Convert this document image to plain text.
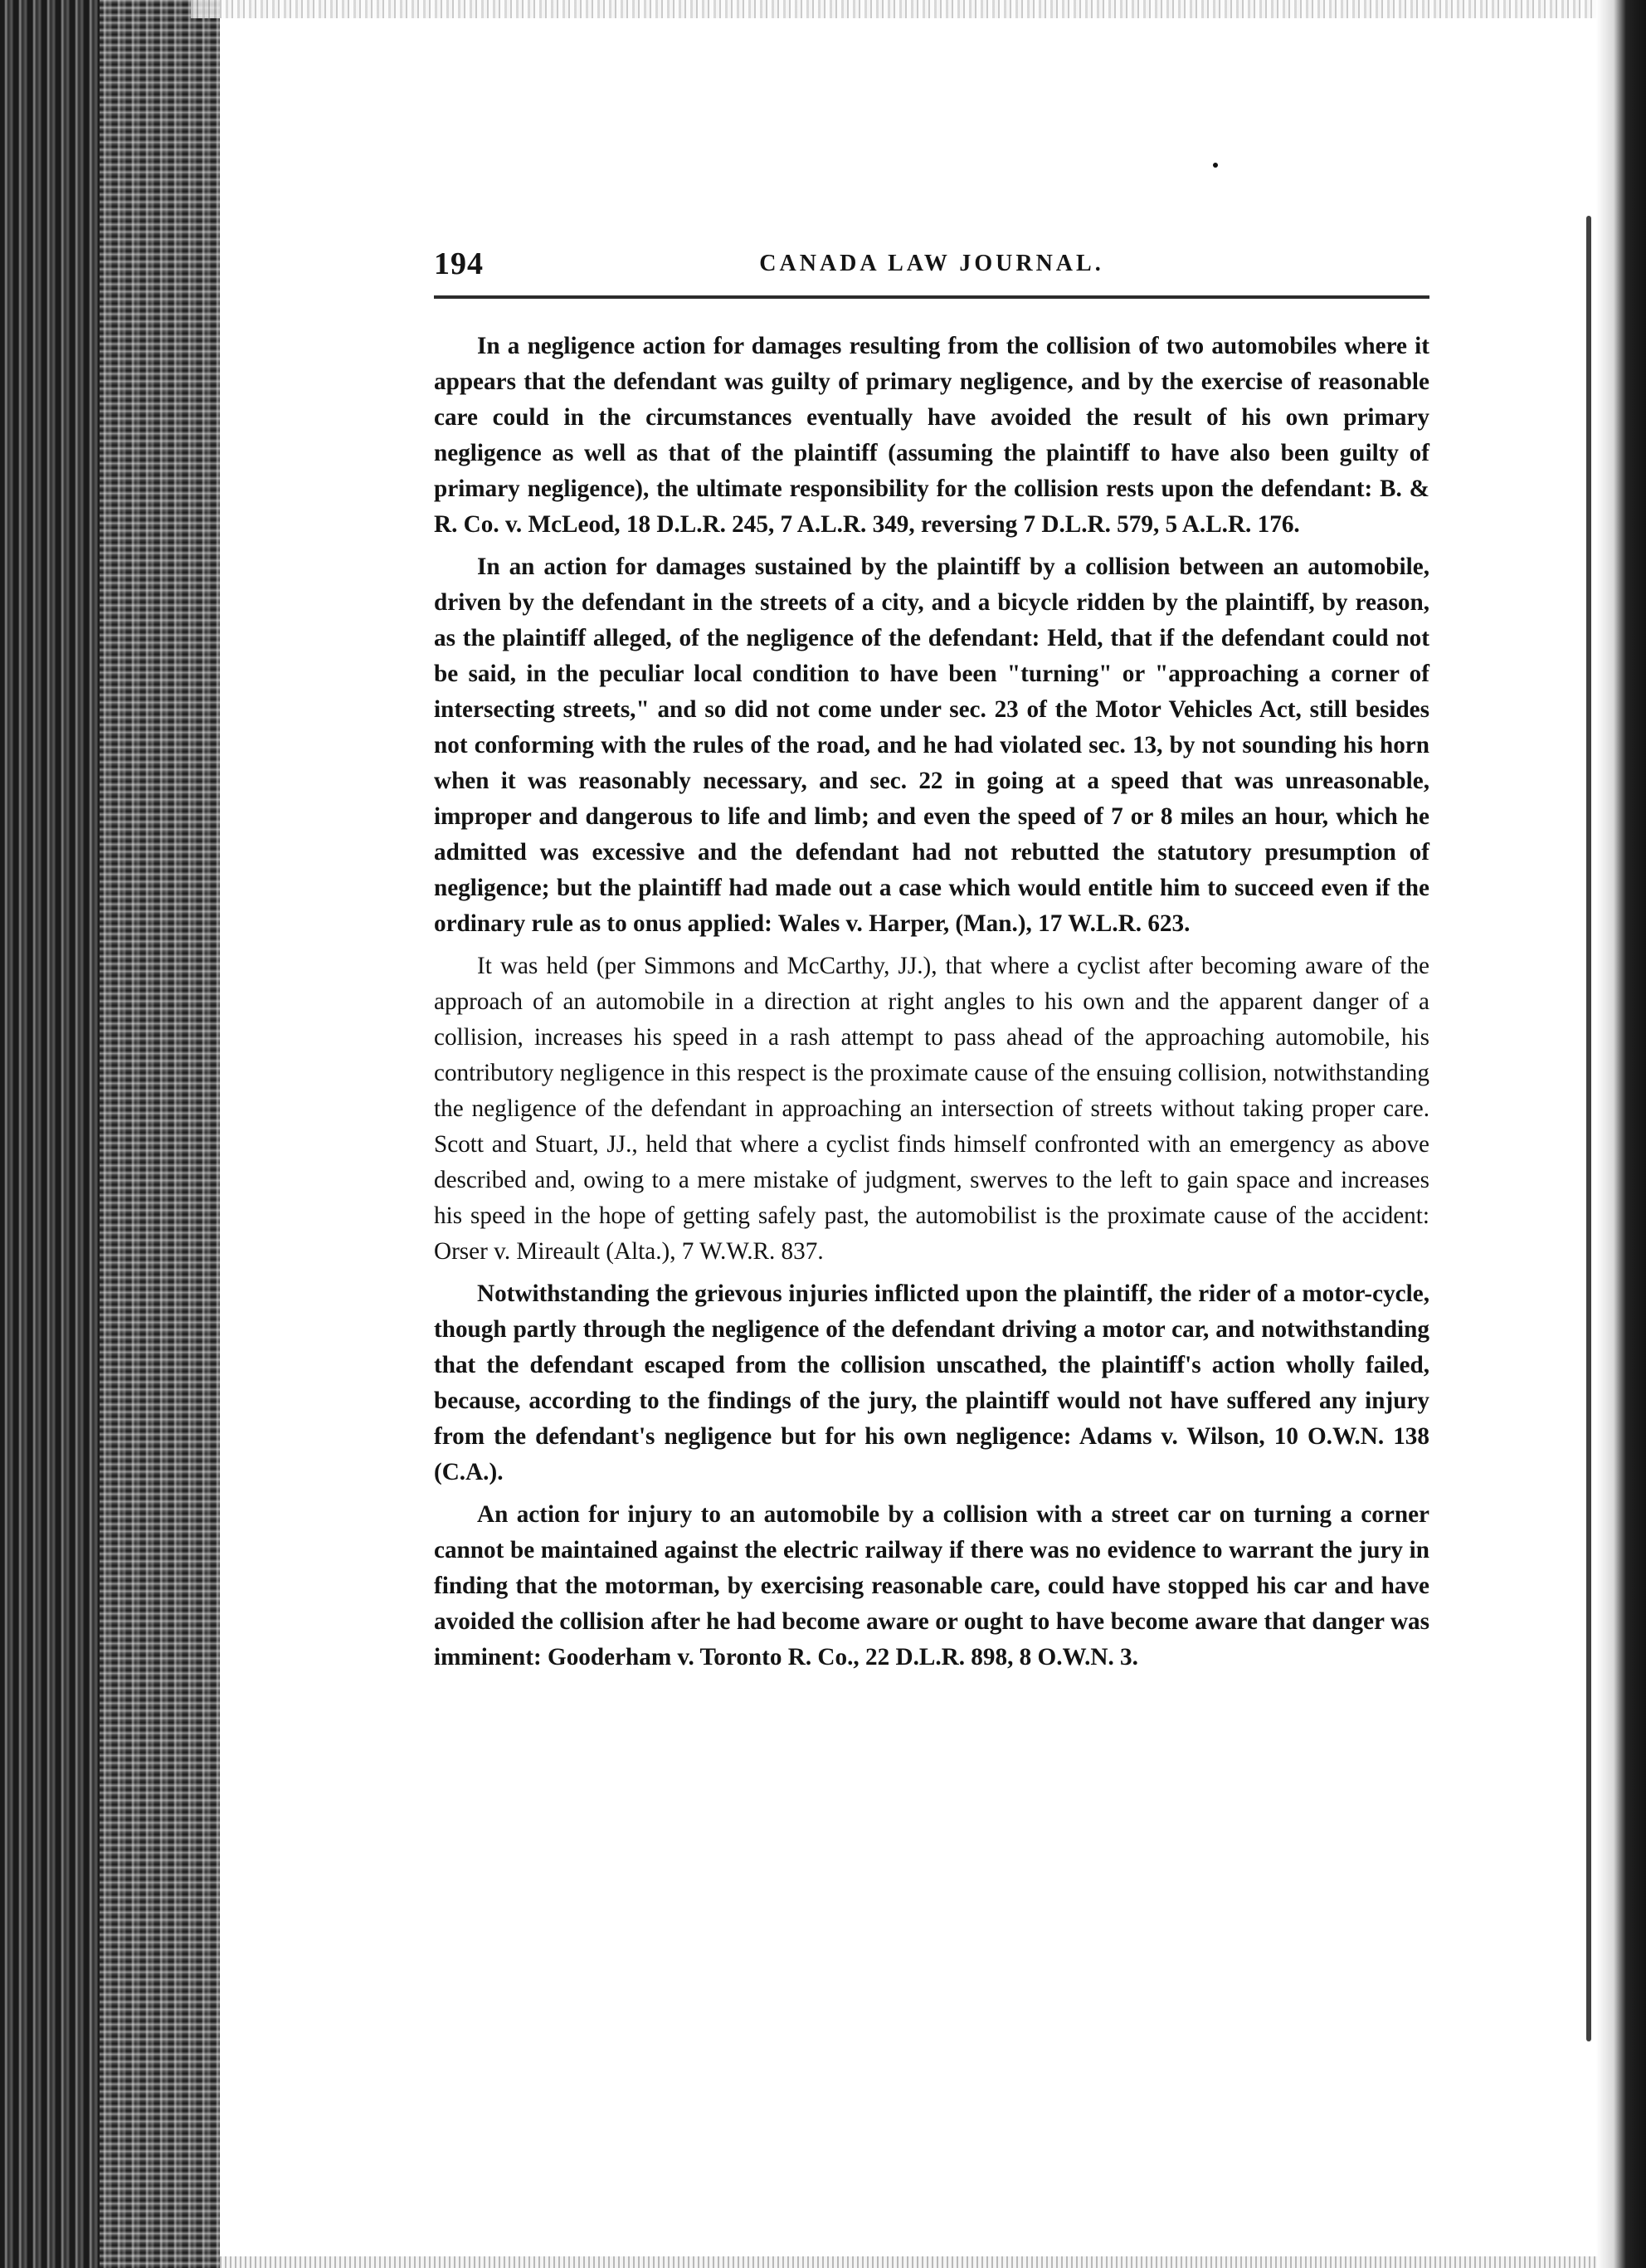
194	CANADA LAW JOURNAL.

In a negligence action for damages resulting from the collision of two automobiles where it appears that the defendant was guilty of primary negligence, and by the exercise of reasonable care could in the circumstances eventually have avoided the result of his own primary negligence as well as that of the plaintiff (assuming the plaintiff to have also been guilty of primary negligence), the ultimate responsibility for the collision rests upon the defendant: B. & R. Co. v. McLeod, 18 D.L.R. 245, 7 A.L.R. 349, reversing 7 D.L.R. 579, 5 A.L.R. 176.

In an action for damages sustained by the plaintiff by a collision between an automobile, driven by the defendant in the streets of a city, and a bicycle ridden by the plaintiff, by reason, as the plaintiff alleged, of the negligence of the defendant: Held, that if the defendant could not be said, in the peculiar local condition to have been "turning" or "approaching a corner of intersecting streets," and so did not come under sec. 23 of the Motor Vehicles Act, still besides not conforming with the rules of the road, and he had violated sec. 13, by not sounding his horn when it was reasonably necessary, and sec. 22 in going at a speed that was unreasonable, improper and dangerous to life and limb; and even the speed of 7 or 8 miles an hour, which he admitted was excessive and the defendant had not rebutted the statutory presumption of negligence; but the plaintiff had made out a case which would entitle him to succeed even if the ordinary rule as to onus applied: Wales v. Harper, (Man.), 17 W.L.R. 623.

It was held (per Simmons and McCarthy, JJ.), that where a cyclist after becoming aware of the approach of an automobile in a direction at right angles to his own and the apparent danger of a collision, increases his speed in a rash attempt to pass ahead of the approaching automobile, his contributory negligence in this respect is the proximate cause of the ensuing collision, notwithstanding the negligence of the defendant in approaching an intersection of streets without taking proper care. Scott and Stuart, JJ., held that where a cyclist finds himself confronted with an emergency as above described and, owing to a mere mistake of judgment, swerves to the left to gain space and increases his speed in the hope of getting safely past, the automobilist is the proximate cause of the accident: Orser v. Mireault (Alta.), 7 W.W.R. 837.

Notwithstanding the grievous injuries inflicted upon the plaintiff, the rider of a motor-cycle, though partly through the negligence of the defendant driving a motor car, and notwithstanding that the defendant escaped from the collision unscathed, the plaintiff's action wholly failed, because, according to the findings of the jury, the plaintiff would not have suffered any injury from the defendant's negligence but for his own negligence: Adams v. Wilson, 10 O.W.N. 138 (C.A.).

An action for injury to an automobile by a collision with a street car on turning a corner cannot be maintained against the electric railway if there was no evidence to warrant the jury in finding that the motorman, by exercising reasonable care, could have stopped his car and have avoided the collision after he had become aware or ought to have become aware that danger was imminent: Gooderham v. Toronto R. Co., 22 D.L.R. 898, 8 O.W.N. 3.
